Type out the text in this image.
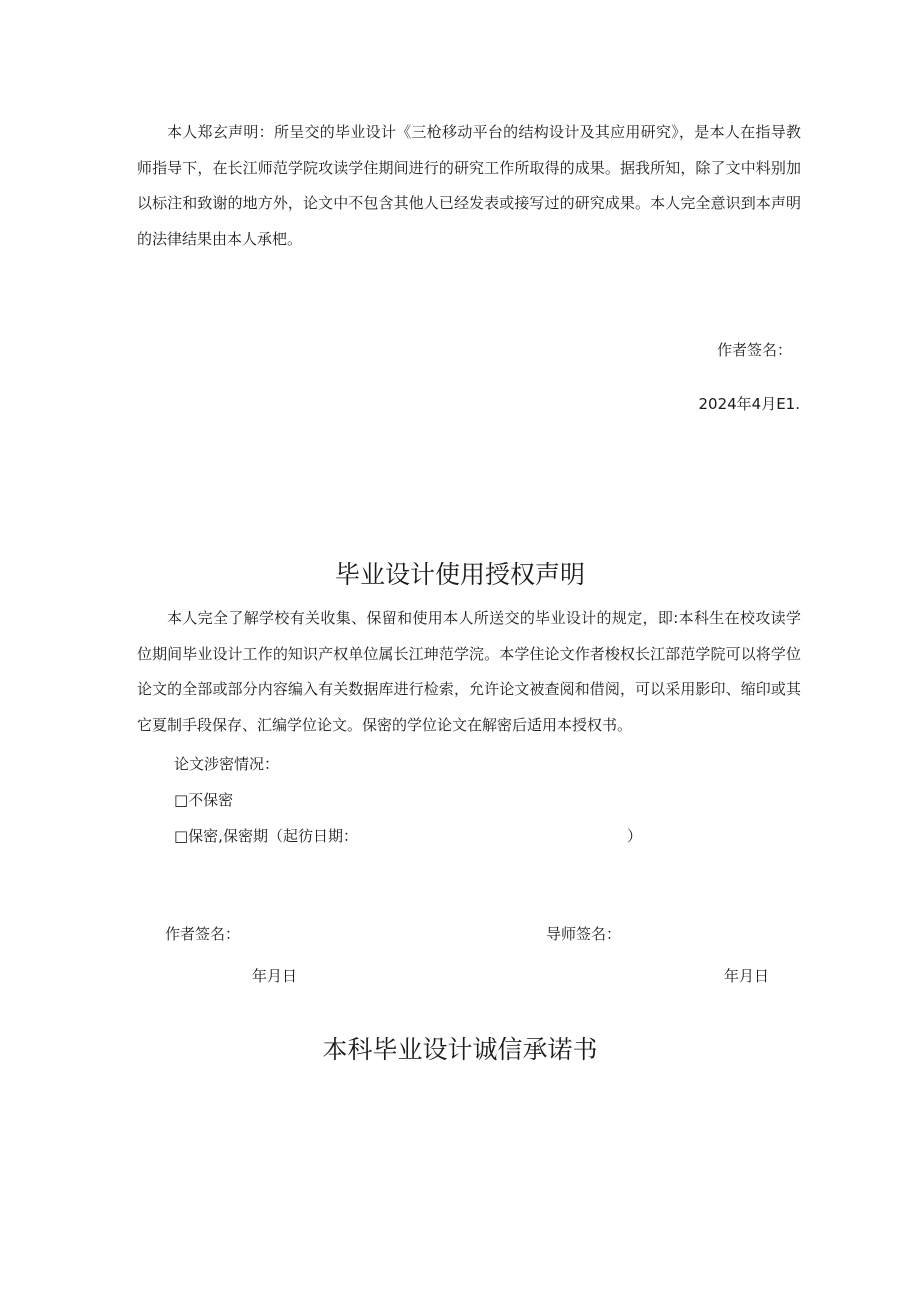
本人郑玄声明：所呈交的毕业设计《三枪移动平台的结构设计及其应用研究》，是本人在指导教师指导下，在长江师范学院攻读学住期间进行的研究工作所取得的成果。据我所知，除了文中料别加以标注和致谢的地方外，论文中不包含其他人已经发表或接写过的研究成果。本人完全意识到本声明的法律结果由本人承杷。

作者签名：
2024年4月E1.
毕业设计使用授权声明

本人完全了解学校有关收集、保留和使用本人所送交的毕业设计的规定，即:本科生在校攻读学位期间毕业设计工作的知识产权单位属长江珅范学浣。本学住论文作者梭权长江部范学院可以将学位论文的全部或部分内容编入有关数据库进行检索，允许论文被查阅和借阅，可以采用影印、缩印或其它夏制手段保存、汇编学位论文。保密的学位论文在解密后适用本授权书。

论文涉密情况：
□不保密
□保密,保密期（起彷日期：	）
作者签名：	导师签名：
年月日	年月日
本科毕业设计诚信承诺书
